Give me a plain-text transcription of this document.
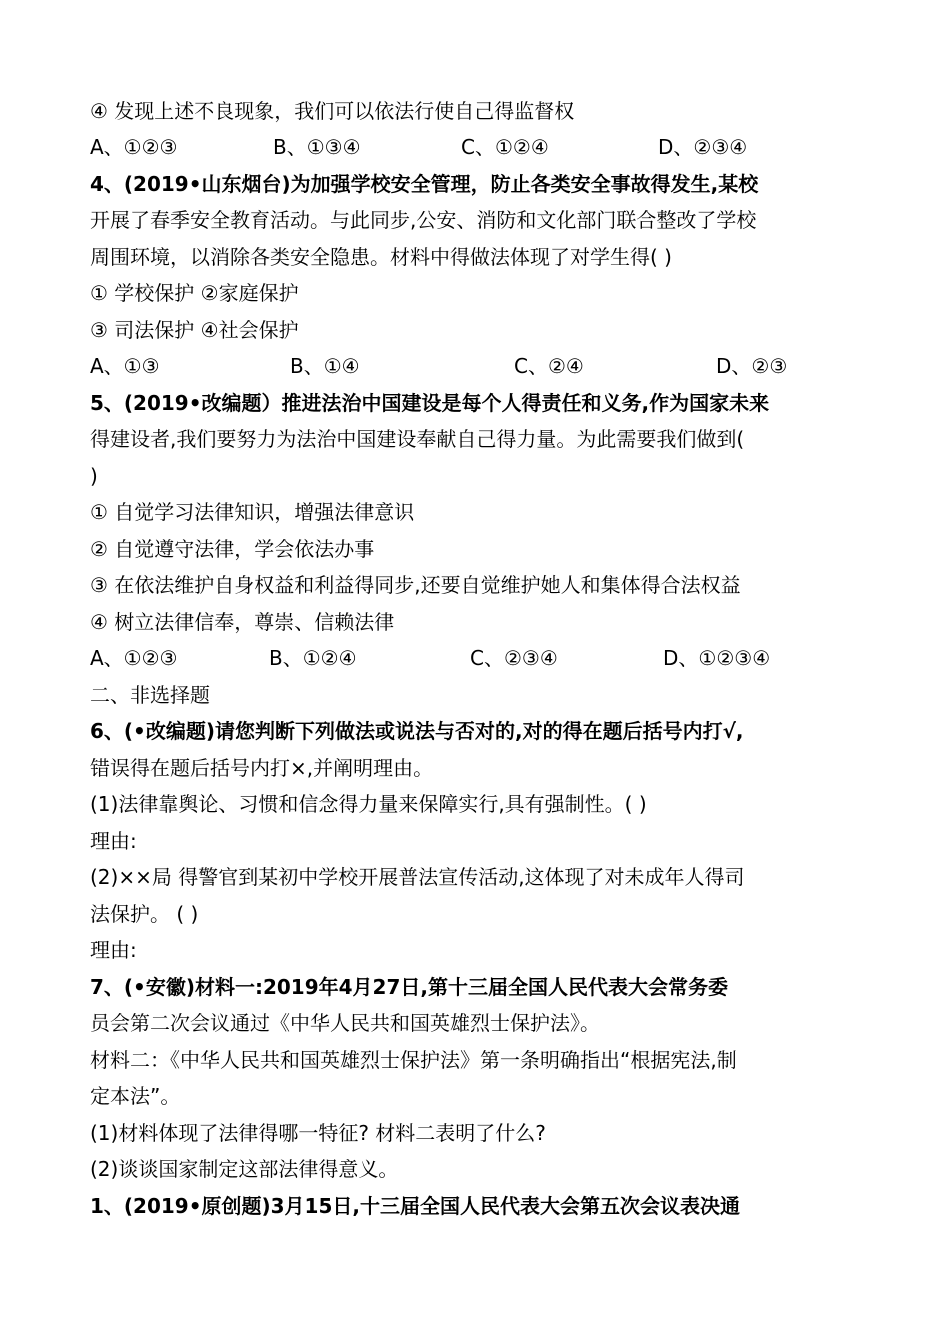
④ 发现上述不良现象，我们可以依法行使自己得监督权
A、①②③	B、①③④	C、①②④	D、②③④
4、(2019•山东烟台)为加强学校安全管理，防止各类安全事故得发生,某校
开展了春季安全教育活动。与此同步,公安、消防和文化部门联合整改了学校
周围环境，以消除各类安全隐患。材料中得做法体现了对学生得( )
① 学校保护 ②家庭保护
③ 司法保护 ④社会保护
A、①③	B、①④	C、②④	D、②③
5、(2019•改编题）推进法治中国建设是每个人得责任和义务,作为国家未来
得建设者,我们要努力为法治中国建设奉献自己得力量。为此需要我们做到(
)
① 自觉学习法律知识，增强法律意识
② 自觉遵守法律，学会依法办事
③ 在依法维护自身权益和利益得同步,还要自觉维护她人和集体得合法权益
④ 树立法律信奉，尊崇、信赖法律
A、①②③	B、①②④	C、②③④	D、①②③④
二、非选择题
6、(•改编题)请您判断下列做法或说法与否对的,对的得在题后括号内打√,
错误得在题后括号内打×,并阐明理由。
(1)法律靠舆论、习惯和信念得力量来保障实行,具有强制性。( )
理由:
(2)××局 得警官到某初中学校开展普法宣传活动,这体现了对未成年人得司
法保护。 ( )
理由:
7、(•安徽)材料一:2019年4月27日,第十三届全国人民代表大会常务委
员会第二次会议通过《中华人民共和国英雄烈士保护法》。
材料二：《中华人民共和国英雄烈士保护法》第一条明确指出“根据宪法,制
定本法”。
(1)材料体现了法律得哪一特征? 材料二表明了什么?
(2)谈谈国家制定这部法律得意义。
1、(2019•原创题)3月15日,十三届全国人民代表大会第五次会议表决通
